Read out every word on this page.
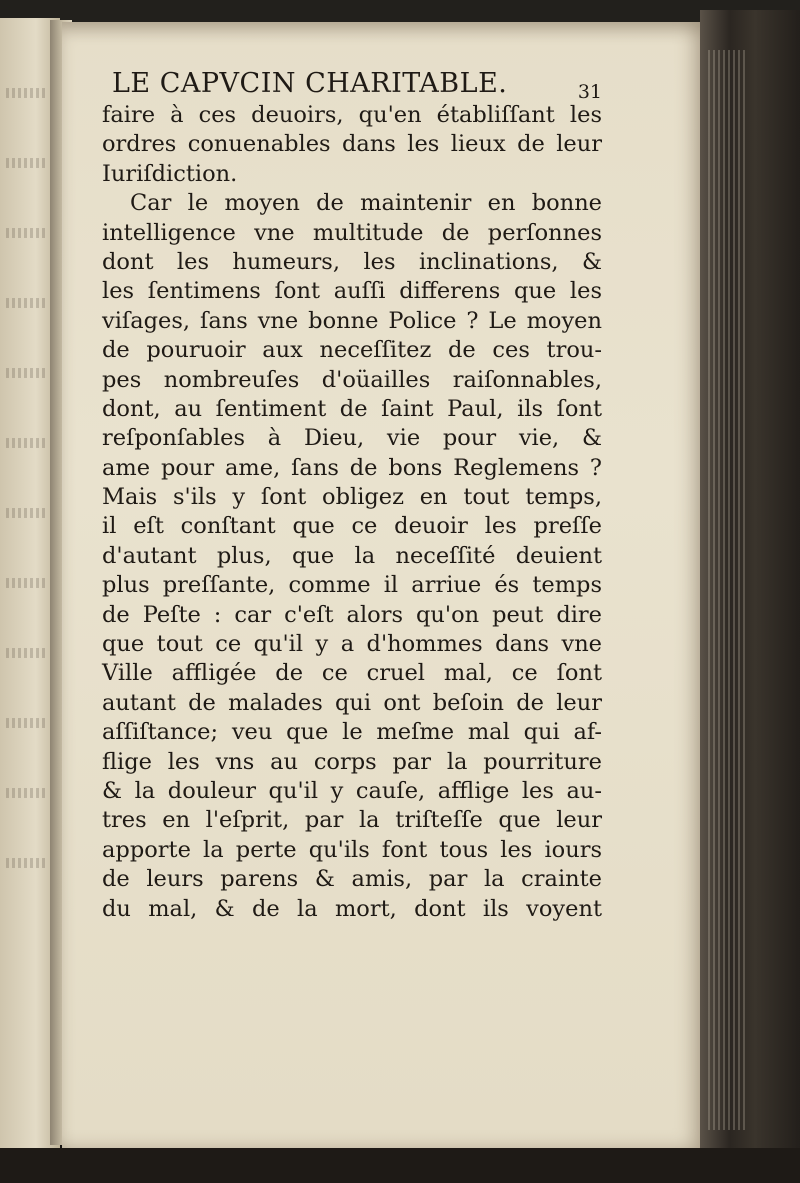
LE CAPVCIN CHARITABLE.	31
faire à ces deuoirs, qu'en établiſſant les
ordres conuenables dans les lieux de leur
Iuriſdiction.
Car le moyen de maintenir en bonne
intelligence vne multitude de perſonnes
dont les humeurs, les inclinations, &
les ſentimens ſont auſſi differens que les
viſages, ſans vne bonne Police ? Le moyen
de pouruoir aux neceſſitez de ces trou-
pes nombreuſes d'oüailles raiſonnables,
dont, au ſentiment de ſaint Paul, ils ſont
reſponſables à Dieu, vie pour vie, &
ame pour ame, ſans de bons Reglemens ?
Mais s'ils y ſont obligez en tout temps,
il eſt conſtant que ce deuoir les preſſe
d'autant plus, que la neceſſité deuient
plus preſſante, comme il arriue és temps
de Peſte : car c'eſt alors qu'on peut dire
que tout ce qu'il y a d'hommes dans vne
Ville affligée de ce cruel mal, ce ſont
autant de malades qui ont beſoin de leur
aſſiſtance; veu que le meſme mal qui af-
flige les vns au corps par la pourriture
& la douleur qu'il y cauſe, afflige les au-
tres en l'eſprit, par la triſteſſe que leur
apporte la perte qu'ils font tous les iours
de leurs parens & amis, par la crainte
du mal, & de la mort, dont ils voyent
